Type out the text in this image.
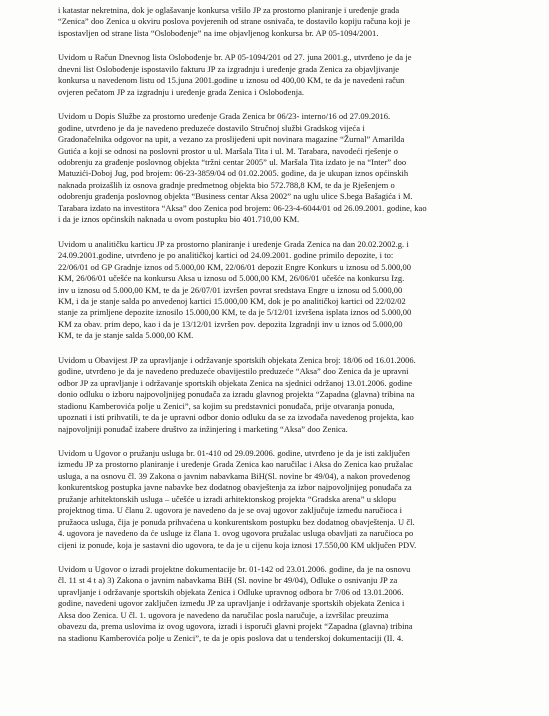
i katastar nekretnina, dok je oglašavanje konkursa vršilo JP za prostorno planiranje i uređenje grada
“Zenica” doo Zenica u okviru poslova povjerenih od strane osnivača, te dostavilo kopiju računa koji je
ispostavljen od strane lista “Oslobođenje” na ime objavljenog konkursa br. AP 05-1094/2001.

Uvidom u Račun Dnevnog lista Oslobođenje br. AP 05-1094/201 od 27. juna 2001.g., utvrđeno je da je
dnevni list Oslobođenje ispostavilo fakturu JP za izgradnju i uređenje grada Zenica za objavljivanje
konkursa u navedenom listu od 15.juna 2001.godine u iznosu od 400,00 KM, te da je navedeni račun
ovjeren pečatom JP za izgradnju i uređenje grada Zenica i Oslobođenja.

Uvidom u Dopis Službe za prostorno uređenje Grada Zenica br 06/23- interno/16 od 27.09.2016.
godine, utvrđeno je da je navedeno preduzeće dostavilo Stručnoj službi Gradskog vijeća i
Gradonačelnika odgovor na upit, a vezano za prosliјeđeni upit novinara magazine “Žurnal” Amarilda
Gutića a koji se odnosi na poslovni prostor u ul. Maršala Tita i ul. M. Tarabara, navodeći rješenje o
odobrenju za građenje poslovnog objekta “tržni centar 2005” ul. Maršala Tita izdato je na “Inter” doo
Matuzići-Doboj Jug, pod brojem: 06-23-3859/04 od 01.02.2005. godine, da je ukupan iznos općinskih
naknada proizašlih iz osnova gradnje predmetnog objekta bio 572.788,8 KM, te da je Rješenjem o
odobrenju građenja poslovnog objekta “Business centar Aksa 2002” na uglu ulice S.bega Bašagića i M.
Tarabara izdato na investitora “Aksa” doo Zenica pod brojem: 06-23-4-6044/01 od 26.09.2001. godine, kao
i da je iznos općinskih naknada u ovom postupku bio 401.710,00 KM.

Uvidom u analitičku karticu JP za prostorno planiranje i uređenje Grada Zenica na dan 20.02.2002.g. i
24.09.2001.godine, utvrđeno je po analitičkoj kartici od 24.09.2001. godine primilo depozite, i to:
22/06/01 od GP Gradnje iznos od 5.000,00 KM, 22/06/01 depozit Engre Konkurs u iznosu od 5.000,00
KM, 26/06/01 učešće na konkursu Aksa u iznosu od 5.000,00 KM, 26/06/01 učešće na konkursu Izg.
inv u iznosu od 5.000,00 KM, te da je 26/07/01 izvršen povrat sredstava Engre u iznosu od 5.000,00
KM, i da je stanje salda po anvedenoj kartici 15.000,00 KM, dok je po analitičkoj kartici od 22/02/02
stanje za primljene depozite iznosilo 15.000,00 KM, te da je 5/12/01 izvršena isplata iznos od 5.000,00
KM za obav. prim depo, kao i da je 13/12/01 izvršen pov. depozita Izgradnji inv u iznos od 5.000,00
KM, te da je stanje salda 5.000,00 KM.

Uvidom u Obavijest JP za upravljanje i održavanje sportskih objekata Zenica broj: 18/06 od 16.01.2006.
godine, utvrđeno je da je navedeno preduzeće obavijestilo preduzeće “Aksa” doo Zenica da je upravni
odbor JP za upravljanje i održavanje sportskih objekata Zenica na sjednici održanoj 13.01.2006. godine
donio odluku o izboru najpovoljnijeg ponuđača za izradu glavnog projekta “Zapadna (glavna) tribina na
stadionu Kamberovića polje u Zenici”, sa kojim su predstavnici ponuđača, prije otvaranja ponuda,
upoznati i isti prihvatili, te da je upravni odbor donio odluku da se za izvođača navedenog projekta, kao
najpovoljniji ponuđač izabere društvo za inžinjering i marketing “Aksa” doo Zenica.

Uvidom u Ugovor o pružanju usluga br. 01-410 od 29.09.2006. godine, utvrđeno je da je isti zaključen
između JP za prostorno planiranje i uređenje Grada Zenica kao naručilac i Aksa do Zenica kao pružalac
usluga, a na osnovu čl. 39 Zakona o javnim nabavkama BiH(Sl. novine br 49/04), a nakon provedenog
konkurentskog postupka javne nabavke bez dodatnog obavještenja za izbor najpovoljnijeg ponuđača za
pružanje arhitektonskih usluga – učešće u izradi arhitektonskog projekta “Gradska arena” u sklopu
projektnog tima. U članu 2. ugovora je navedeno da je se ovaj ugovor zaključuje između naručioca i
pružaoca usluga, čija je ponuda prihvaćena u konkurentskom postupku bez dodatnog obavještenja. U čl.
4. ugovora je navedeno da će usluge iz člana 1. ovog ugovora pružalac usluga obavljati za naručioca po
cijeni iz ponude, koja je sastavni dio ugovora, te da je u cijenu koja iznosi 17.550,00 KM uključen PDV.

Uvidom u Ugovor o izradi projektne dokumentacije br. 01-142 od 23.01.2006. godine, da je na osnovu
čl. 11 st 4 t a) 3) Zakona o javnim nabavkama BiH (Sl. novine br 49/04), Odluke o osnivanju JP za
upravljanje i održavanje sportskih objekata Zenica i Odluke upravnog odbora br 7/06 od 13.01.2006.
godine, navedeni ugovor zaključen između JP za upravljanje i održavanje sportskih objekata Zenica i
Aksa doo Zenica. U čl. 1. ugovora je navedeno da naručilac posla naručuje, a izvršilac preuzima
obavezu da, prema uslovima iz ovog ugovora, izradi i isporuči glavni projekt “Zapadna (glavna) tribina
na stadionu Kamberovića polje u Zenici”, te da je opis poslova dat u tenderskoj dokumentaciji (II. 4.
